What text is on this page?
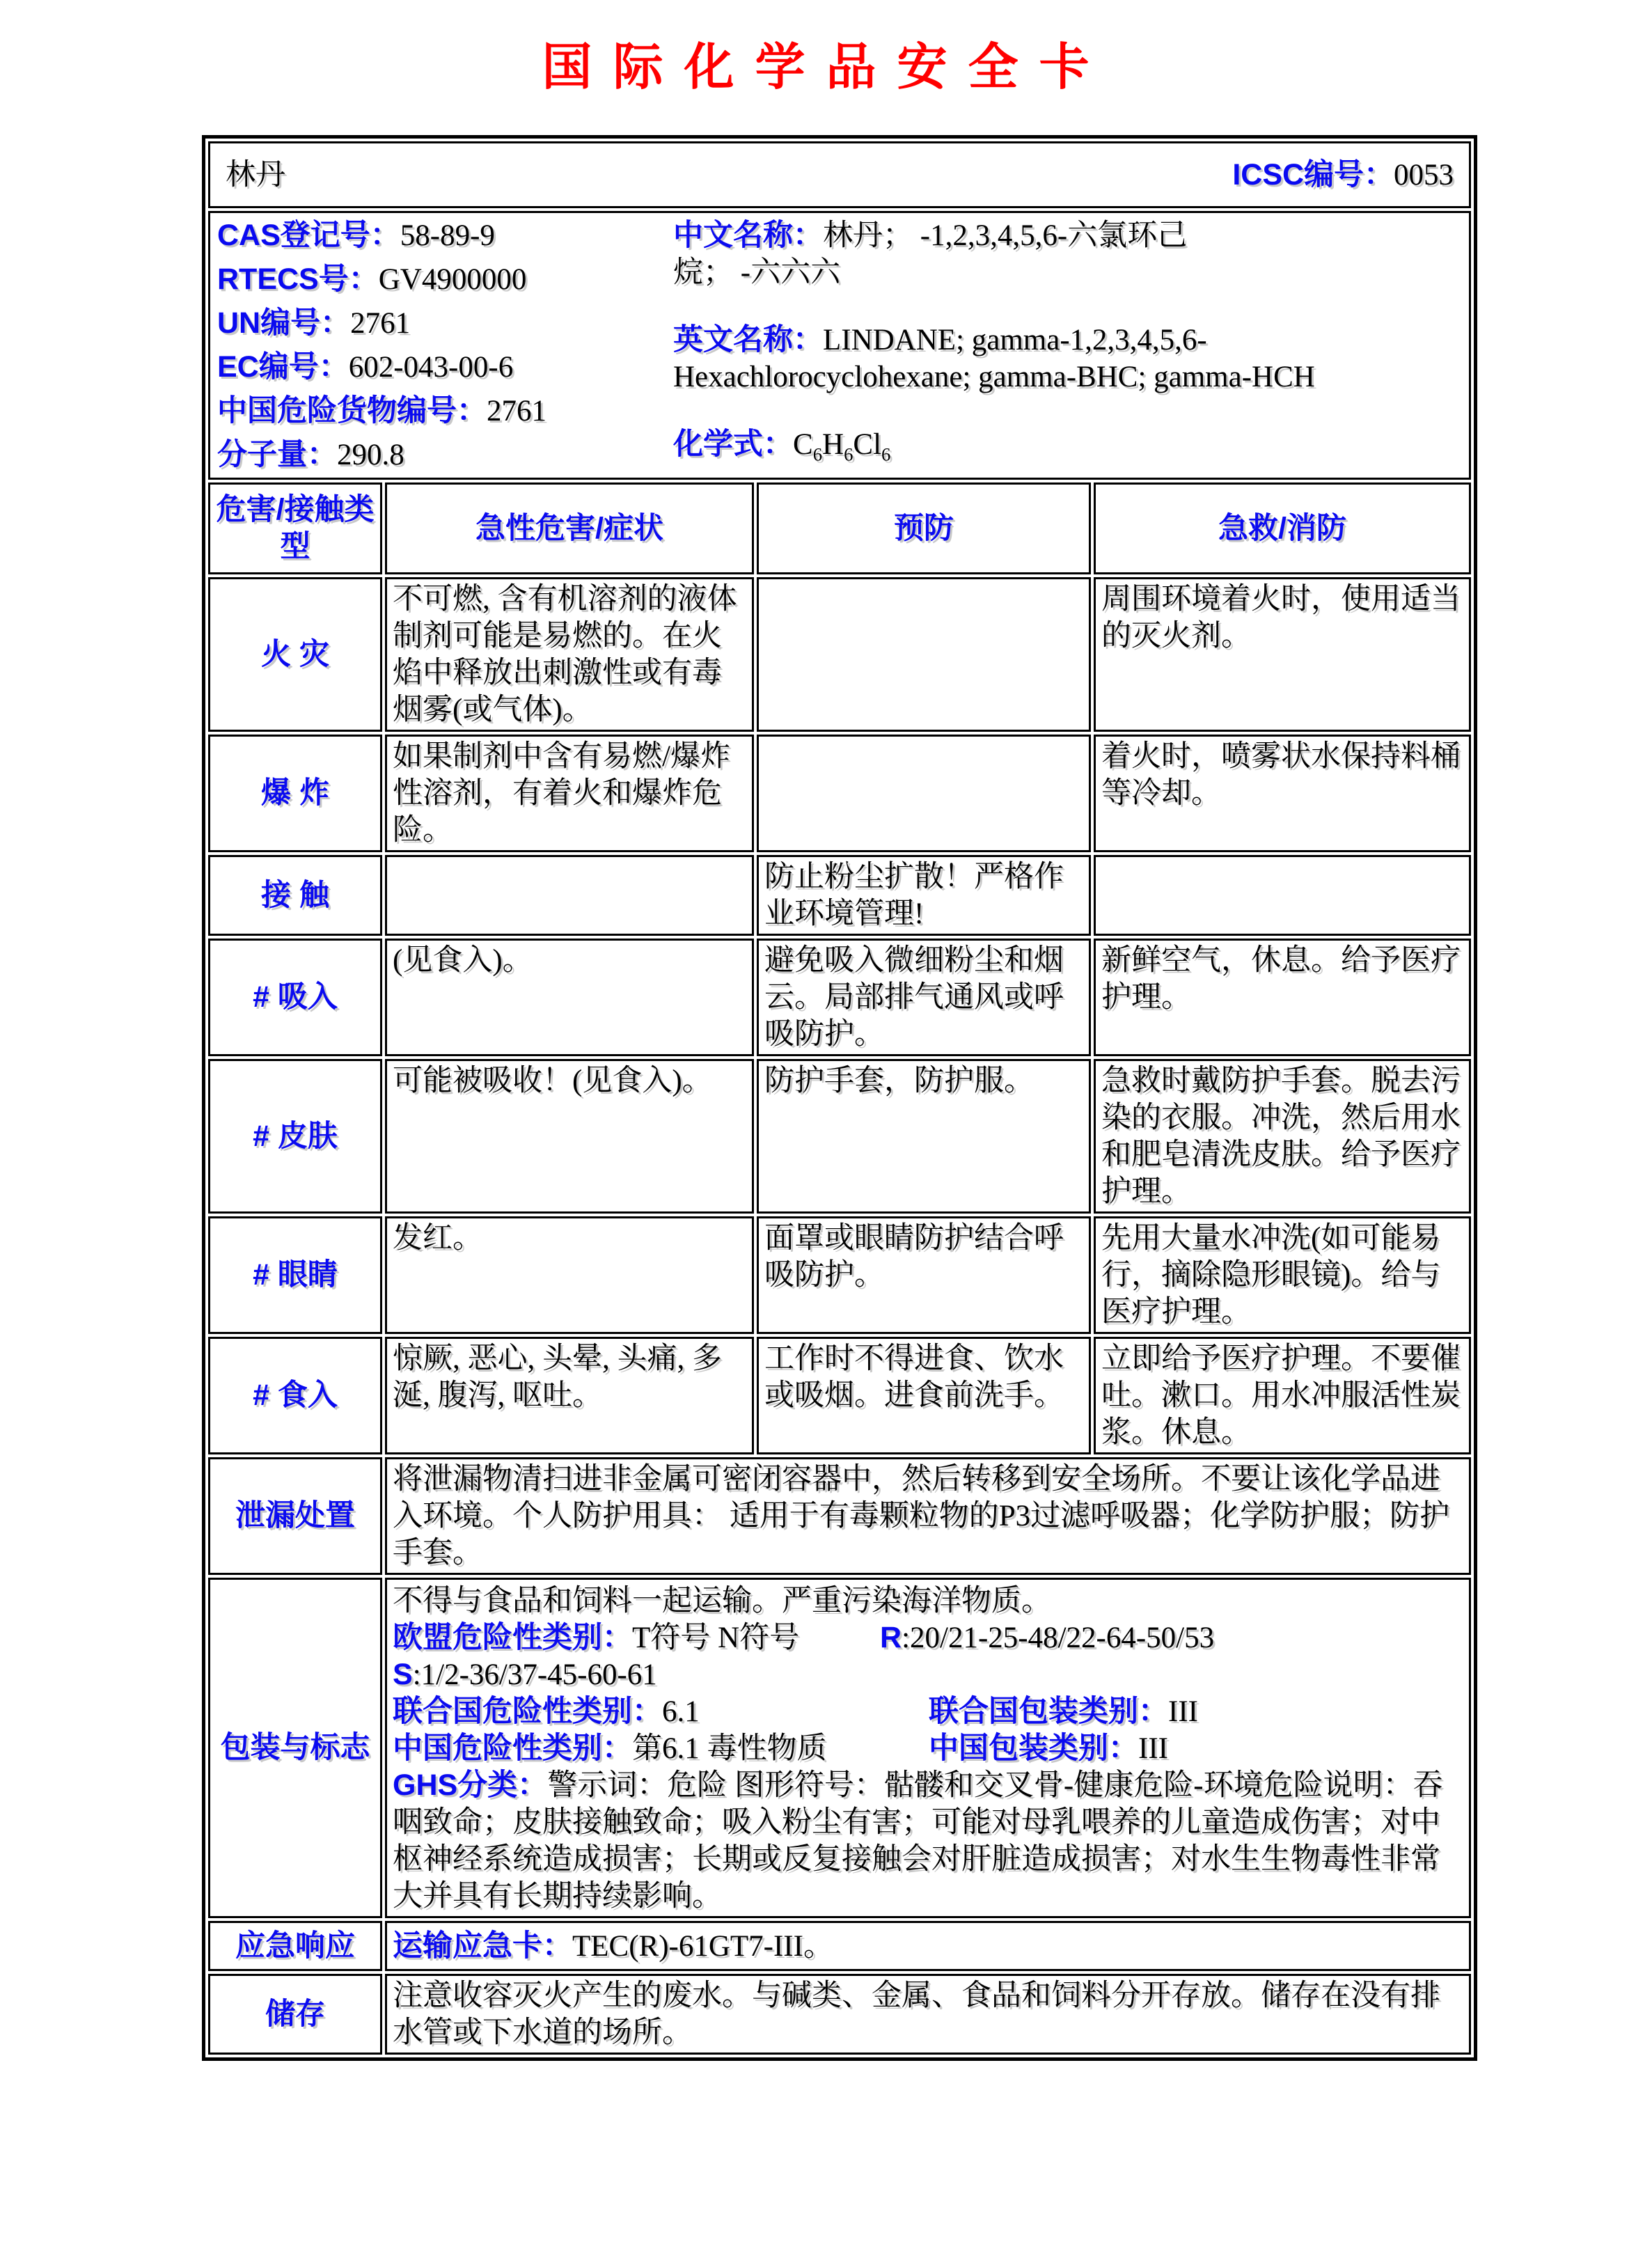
国际化学品安全卡
林丹 ICSC编号：0053			

CAS登记号：58-89-9
RTECS号：GV4900000
UN编号：2761
EC编号：602-043-00-6
中国危险货物编号：2761
分子量：290.8
中文名称：林丹； -1,2,3,4,5,6-六氯环己烷； -六六六
英文名称：LINDANE; gamma-1,2,3,4,5,6-Hexachlorocyclohexane; gamma-BHC; gamma-HCH
化学式：$C_6H_6Cl_6$

危害/接触类型	急性危害/症状	预防	急救/消防
火 灾	不可燃, 含有机溶剂的液体制剂可能是易燃的。在火焰中释放出刺激性或有毒烟雾(或气体)。		周围环境着火时，使用适当的灭火剂。
爆 炸	如果制剂中含有易燃/爆炸性溶剂，有着火和爆炸危险。		着火时，喷雾状水保持料桶等冷却。
接 触		防止粉尘扩散！严格作业环境管理!	
# 吸入	(见食入)。	避免吸入微细粉尘和烟云。局部排气通风或呼吸防护。	新鲜空气，休息。给予医疗护理。
# 皮肤	可能被吸收！(见食入)。	防护手套，防护服。	急救时戴防护手套。脱去污染的衣服。冲洗，然后用水和肥皂清洗皮肤。给予医疗护理。
# 眼睛	发红。	面罩或眼睛防护结合呼吸防护。	先用大量水冲洗(如可能易行，摘除隐形眼镜)。给与医疗护理。
# 食入	惊厥, 恶心, 头晕, 头痛, 多涎, 腹泻, 呕吐。	工作时不得进食、饮水或吸烟。进食前洗手。	立即给予医疗护理。不要催吐。漱口。用水冲服活性炭浆。休息。
泄漏处置	将泄漏物清扫进非金属可密闭容器中，然后转移到安全场所。不要让该化学品进入环境。个人防护用具： 适用于有毒颗粒物的P3过滤呼吸器；化学防护服；防护手套。		
包装与标志	
不得与食品和饲料一起运输。严重污染海洋物质。
欧盟危险性类别：T符号 N符号	R:20/21-25-48/22-64-50/53
S:1/2-36/37-45-60-61
联合国危险性类别：6.1	联合国包装类别：III
中国危险性类别：第6.1 毒性物质	中国包装类别：III
GHS分类：警示词：危险 图形符号：骷髅和交叉骨-健康危险-环境危险说明：吞咽致命；皮肤接触致命；吸入粉尘有害；可能对母乳喂养的儿童造成伤害；对中枢神经系统造成损害；长期或反复接触会对肝脏造成损害；对水生生物毒性非常大并具有长期持续影响。

应急响应	运输应急卡：TEC(R)-61GT7-III。		
储存	注意收容灭火产生的废水。与碱类、金属、食品和饲料分开存放。储存在没有排水管或下水道的场所。		
